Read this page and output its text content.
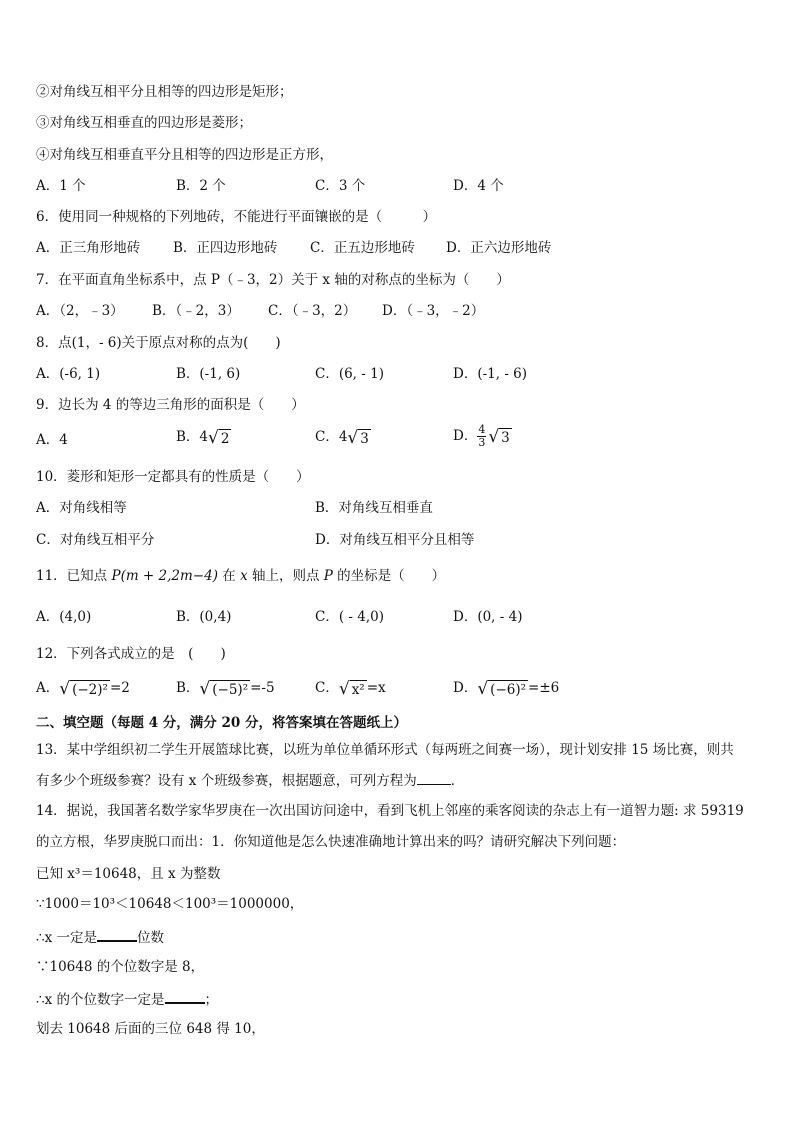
②对角线互相平分且相等的四边形是矩形；
③对角线互相垂直的四边形是菱形；
④对角线互相垂直平分且相等的四边形是正方形，
A．1 个	B．2 个	C．3 个	D．4 个
6．使用同一种规格的下列地砖，不能进行平面镶嵌的是（　　　）
A．正三角形地砖 B．正四边形地砖 C．正五边形地砖 D．正六边形地砖
7．在平面直角坐标系中，点 P（﹣3，2）关于 x 轴的对称点的坐标为（　　）
A．（2，﹣3） B．（﹣2，3） C．（﹣3，2） D．（﹣3，﹣2）
8．点(1，- 6)关于原点对称的点为(　　)
A．(-6, 1)	B．(-1, 6)	C．(6, - 1)	D．(-1, - 6)
9．边长为 4 的等边三角形的面积是（　　）
A．4	B．4 √ 2	C．4 √ 3	D． $\frac{4}{3}$ √ 3
10．菱形和矩形一定都具有的性质是（　　）
A．对角线相等	B．对角线互相垂直
C．对角线互相平分	D．对角线互相平分且相等
11．已知点 P(m + 2,2m−4) 在 x 轴上，则点 P 的坐标是（　　）
A．(4,0)	B．(0,4)	C．( - 4,0)	D．(0, - 4)
12．下列各式成立的是　(　　)
A． √ (−2)² =2	B． √ (−5)² =-5	C． √ x² =x	D． √ (−6)² =±6
二、填空题（每题 4 分，满分 20 分，将答案填在答题纸上）
13．某中学组织初二学生开展篮球比赛，以班为单位单循环形式（每两班之间赛一场），现计划安排 15 场比赛，则共
有多少个班级参赛？设有 x 个班级参赛，根据题意，可列方程为	．
14．据说，我国著名数学家华罗庚在一次出国访问途中，看到飞机上邻座的乘客阅读的杂志上有一道智力题: 求 59319
的立方根，华罗庚脱口而出：1．你知道他是怎么快速准确地计算出来的吗？请研究解决下列问题：
已知 x³＝10648，且 x 为整数
∵1000＝10³＜10648＜100³＝1000000，
∴x 一定是	位数
∵10648 的个位数字是 8，
∴x 的个位数字一定是	；
划去 10648 后面的三位 648 得 10，
